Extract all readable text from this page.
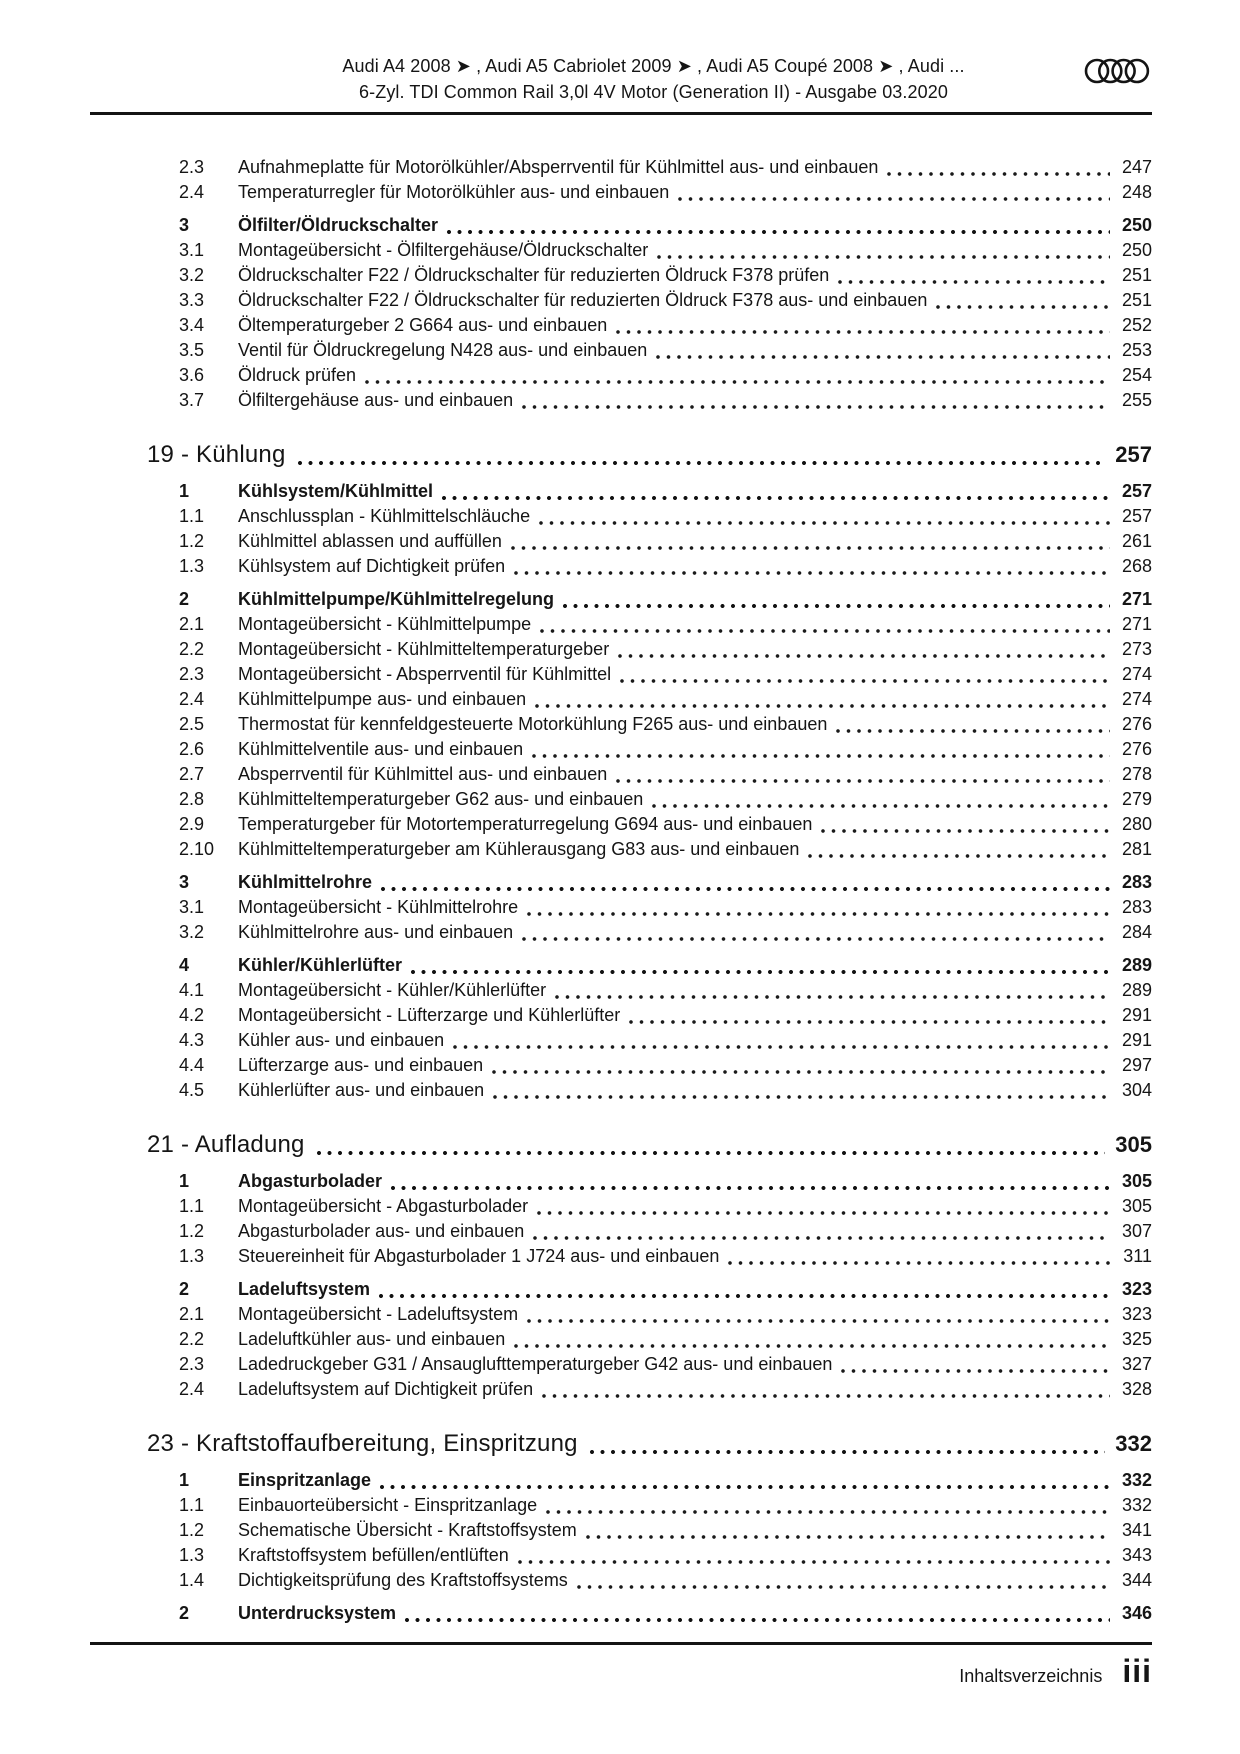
Audi A4 2008 ➤ , Audi A5 Cabriolet 2009 ➤ , Audi A5 Coupé 2008 ➤ , Audi ...
6-Zyl. TDI Common Rail 3,0l 4V Motor (Generation II) - Ausgabe 03.2020
2.3	Aufnahmeplatte für Motorölkühler/Absperrventil für Kühlmittel aus- und einbauen	247
2.4	Temperaturregler für Motorölkühler aus- und einbauen	248
3	Ölfilter/Öldruckschalter	250
3.1	Montageübersicht - Ölfiltergehäuse/Öldruckschalter	250
3.2	Öldruckschalter F22 / Öldruckschalter für reduzierten Öldruck F378 prüfen	251
3.3	Öldruckschalter F22 / Öldruckschalter für reduzierten Öldruck F378 aus- und einbauen	251
3.4	Öltemperaturgeber 2 G664 aus- und einbauen	252
3.5	Ventil für Öldruckregelung N428 aus- und einbauen	253
3.6	Öldruck prüfen	254
3.7	Ölfiltergehäuse aus- und einbauen	255
19 - Kühlung	257
1	Kühlsystem/Kühlmittel	257
1.1	Anschlussplan - Kühlmittelschläuche	257
1.2	Kühlmittel ablassen und auffüllen	261
1.3	Kühlsystem auf Dichtigkeit prüfen	268
2	Kühlmittelpumpe/Kühlmittelregelung	271
2.1	Montageübersicht - Kühlmittelpumpe	271
2.2	Montageübersicht - Kühlmitteltemperaturgeber	273
2.3	Montageübersicht - Absperrventil für Kühlmittel	274
2.4	Kühlmittelpumpe aus- und einbauen	274
2.5	Thermostat für kennfeldgesteuerte Motorkühlung F265 aus- und einbauen	276
2.6	Kühlmittelventile aus- und einbauen	276
2.7	Absperrventil für Kühlmittel aus- und einbauen	278
2.8	Kühlmitteltemperaturgeber G62 aus- und einbauen	279
2.9	Temperaturgeber für Motortemperaturregelung G694 aus- und einbauen	280
2.10	Kühlmitteltemperaturgeber am Kühlerausgang G83 aus- und einbauen	281
3	Kühlmittelrohre	283
3.1	Montageübersicht - Kühlmittelrohre	283
3.2	Kühlmittelrohre aus- und einbauen	284
4	Kühler/Kühlerlüfter	289
4.1	Montageübersicht - Kühler/Kühlerlüfter	289
4.2	Montageübersicht - Lüfterzarge und Kühlerlüfter	291
4.3	Kühler aus- und einbauen	291
4.4	Lüfterzarge aus- und einbauen	297
4.5	Kühlerlüfter aus- und einbauen	304
21 - Aufladung	305
1	Abgasturbolader	305
1.1	Montageübersicht - Abgasturbolader	305
1.2	Abgasturbolader aus- und einbauen	307
1.3	Steuereinheit für Abgasturbolader 1 J724 aus- und einbauen	311
2	Ladeluftsystem	323
2.1	Montageübersicht - Ladeluftsystem	323
2.2	Ladeluftkühler aus- und einbauen	325
2.3	Ladedruckgeber G31 / Ansauglufttemperaturgeber G42 aus- und einbauen	327
2.4	Ladeluftsystem auf Dichtigkeit prüfen	328
23 - Kraftstoffaufbereitung, Einspritzung	332
1	Einspritzanlage	332
1.1	Einbauorteübersicht - Einspritzanlage	332
1.2	Schematische Übersicht - Kraftstoffsystem	341
1.3	Kraftstoffsystem befüllen/entlüften	343
1.4	Dichtigkeitsprüfung des Kraftstoffsystems	344
2	Unterdrucksystem	346
Inhaltsverzeichnis iii
